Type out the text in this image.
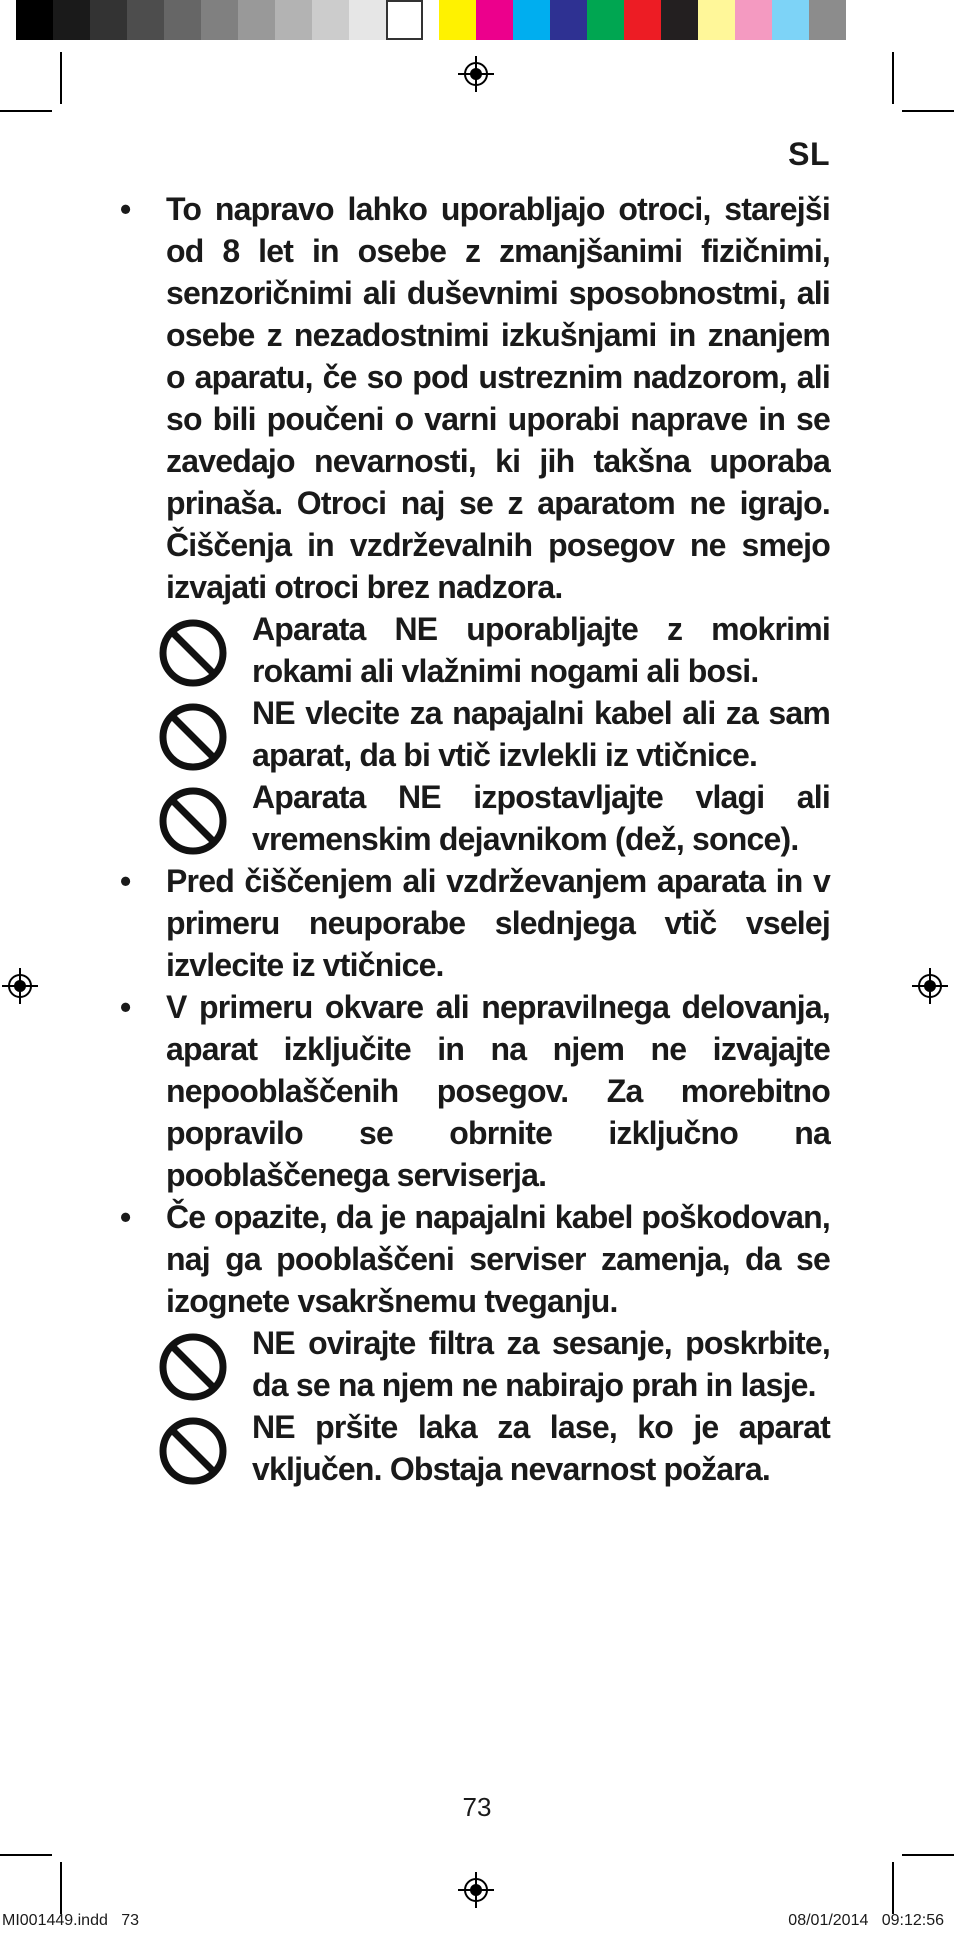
SL
• To napravo lahko uporabljajo otroci, starejši od 8 let in osebe z zmanjšanimi fizičnimi, senzoričnimi ali duševnimi sposobnostmi, ali osebe z nezadostnimi izkušnjami in znanjem o aparatu, če so pod ustreznim nadzorom, ali so bili poučeni o varni uporabi naprave in se zavedajo nevarnosti, ki jih takšna uporaba prinaša. Otroci naj se z aparatom ne igrajo. Čiščenja in vzdrževalnih posegov ne smejo izvajati otroci brez nadzora.
Aparata NE uporabljajte z mokrimi rokami ali vlažnimi nogami ali bosi.
NE vlecite za napajalni kabel ali za sam aparat, da bi vtič izvlekli iz vtičnice.
Aparata NE izpostavljajte vlagi ali vremenskim dejavnikom (dež, sonce).
• Pred čiščenjem ali vzdrževanjem aparata in v primeru neuporabe slednjega vtič vselej izvlecite iz vtičnice.
• V primeru okvare ali nepravilnega delovanja, aparat izključite in na njem ne izvajajte nepooblaščenih posegov. Za morebitno popravilo se obrnite izključno na pooblaščenega serviserja.
• Če opazite, da je napajalni kabel poškodovan, naj ga pooblaščeni serviser zamenja, da se izognete vsakršnemu tveganju.
NE ovirajte filtra za sesanje, poskrbite, da se na njem ne nabirajo prah in lasje.
NE pršite laka za lase, ko je aparat vključen. Obstaja nevarnost požara.
73
MI001449.indd   73	08/01/2014   09:12:56
